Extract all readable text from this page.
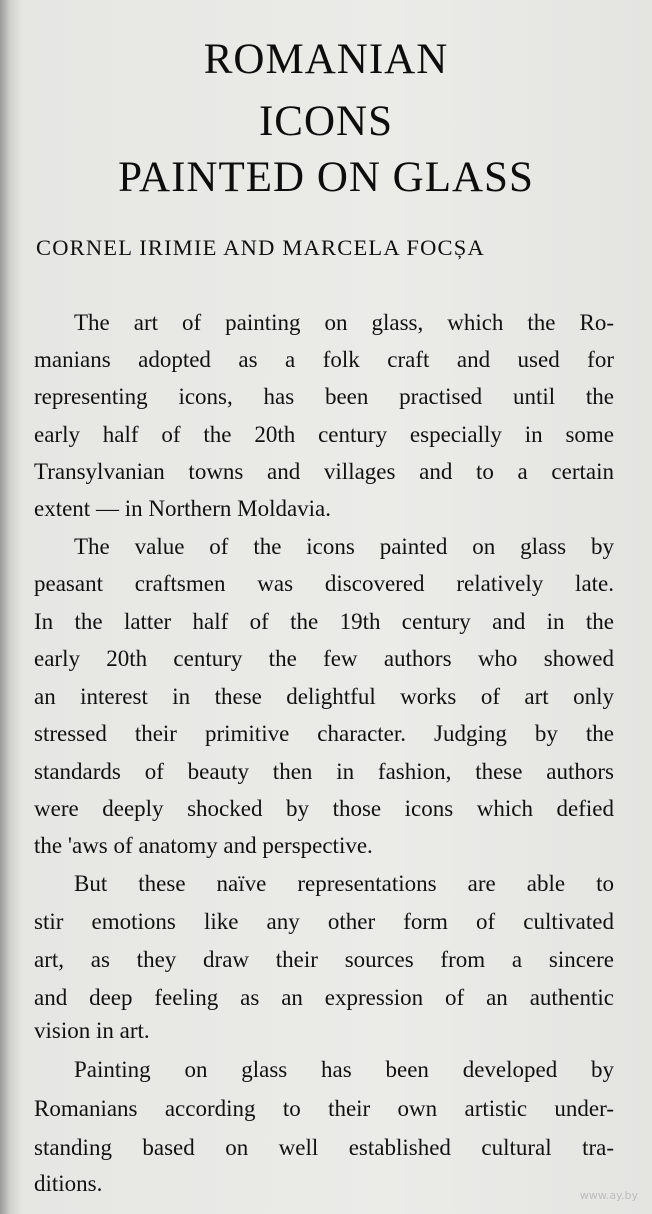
ROMANIAN
ICONS
PAINTED ON GLASS
CORNEL IRIMIE AND MARCELA FOCȘA
The art of painting on glass, which the Ro-
manians adopted as a folk craft and used for
representing icons, has been practised until the
early half of the 20th century especially in some
Transylvanian towns and villages and to a certain
extent — in Northern Moldavia.
The value of the icons painted on glass by
peasant craftsmen was discovered relatively late.
In the latter half of the 19th century and in the
early 20th century the few authors who showed
an interest in these delightful works of art only
stressed their primitive character. Judging by the
standards of beauty then in fashion, these authors
were deeply shocked by those icons which defied
the 'aws of anatomy and perspective.
But these naïve representations are able to
stir emotions like any other form of cultivated
art, as they draw their sources from a sincere
and deep feeling as an expression of an authentic
vision in art.
Painting on glass has been developed by
Romanians according to their own artistic under-
standing based on well established cultural tra-
ditions.	www.ay.by
